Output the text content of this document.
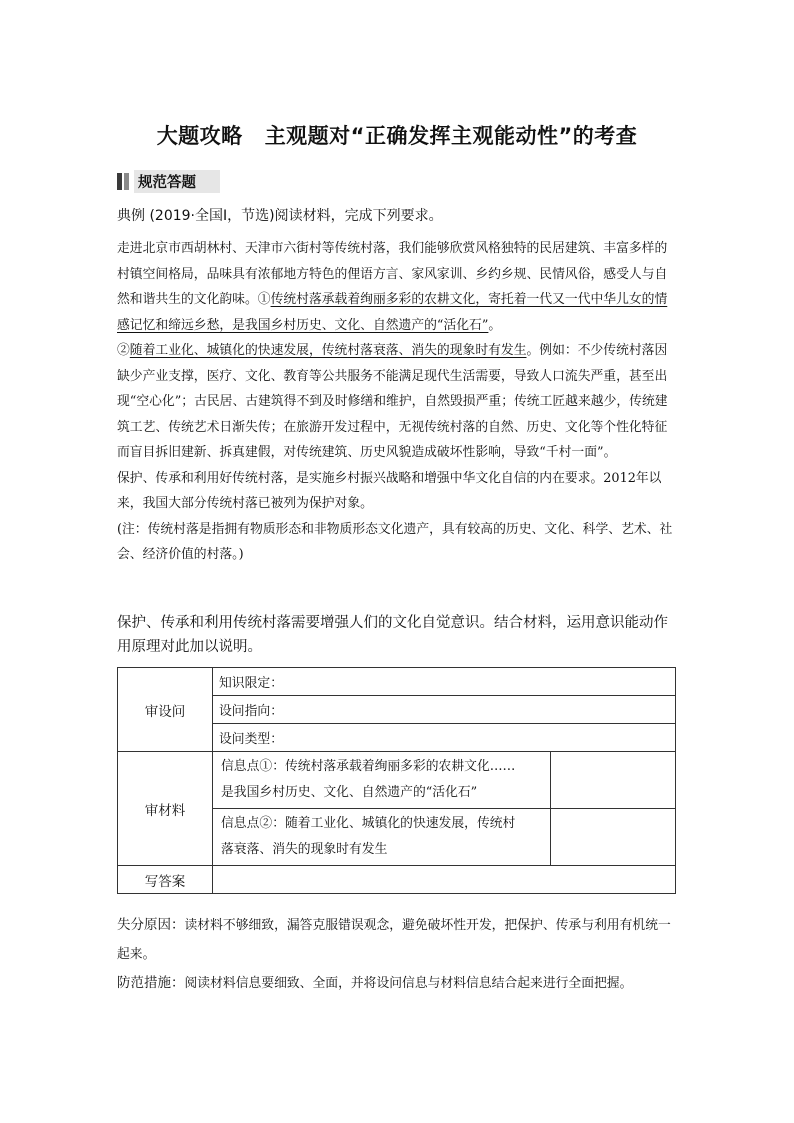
大题攻略 主观题对“正确发挥主观能动性”的考查
规范答题
典例 (2019·全国Ⅰ，节选)阅读材料，完成下列要求。

走进北京市西胡林村、天津市六街村等传统村落，我们能够欣赏风格独特的民居建筑、丰富多样的村镇空间格局，品味具有浓郁地方特色的俚语方言、家风家训、乡约乡规、民情风俗，感受人与自然和谐共生的文化韵味。①传统村落承载着绚丽多彩的农耕文化，寄托着一代又一代中华儿女的情感记忆和缔远乡愁，是我国乡村历史、文化、自然遗产的“活化石”。

②随着工业化、城镇化的快速发展，传统村落衰落、消失的现象时有发生。例如：不少传统村落因缺少产业支撑，医疗、文化、教育等公共服务不能满足现代生活需要，导致人口流失严重，甚至出现“空心化”；古民居、古建筑得不到及时修缮和维护，自然毁损严重；传统工匠越来越少，传统建筑工艺、传统艺术日渐失传；在旅游开发过程中，无视传统村落的自然、历史、文化等个性化特征而盲目拆旧建新、拆真建假，对传统建筑、历史风貌造成破坏性影响，导致“千村一面”。

保护、传承和利用好传统村落，是实施乡村振兴战略和增强中华文化自信的内在要求。2012年以来，我国大部分传统村落已被列为保护对象。

(注：传统村落是指拥有物质形态和非物质形态文化遗产，具有较高的历史、文化、科学、艺术、社会、经济价值的村落。)

保护、传承和利用传统村落需要增强人们的文化自觉意识。结合材料，运用意识能动作用原理对此加以说明。
审设问	知识限定：	
	设问指向：	
	设问类型：	
审材料	信息点①：传统村落承载着绚丽多彩的农耕文化……
是我国乡村历史、文化、自然遗产的“活化石”	

	信息点②：随着工业化、城镇化的快速发展，传统村
落衰落、消失的现象时有发生	

写答案		

失分原因：读材料不够细致，漏答克服错误观念，避免破坏性开发，把保护、传承与利用有机统一起来。

防范措施：阅读材料信息要细致、全面，并将设问信息与材料信息结合起来进行全面把握。
